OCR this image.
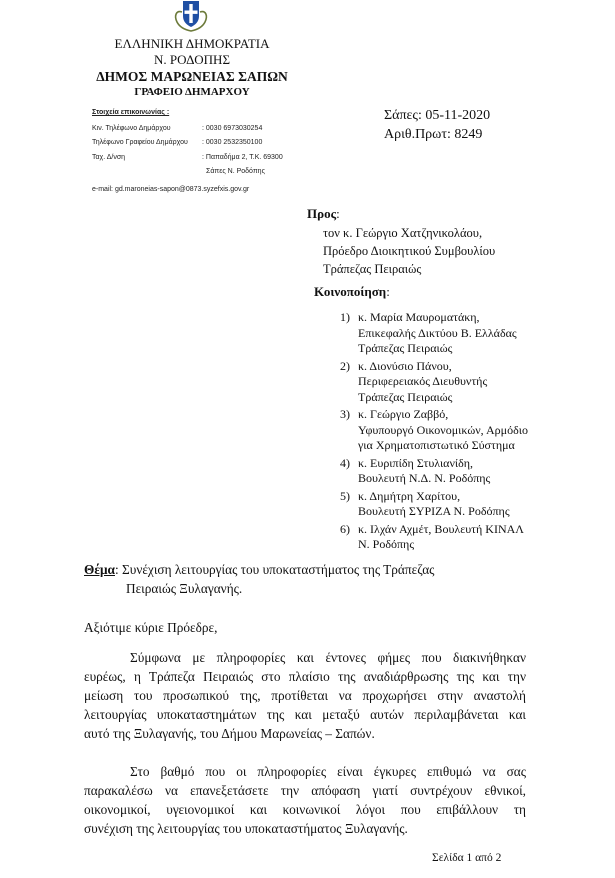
ΕΛΛΗΝΙΚΗ ΔΗΜΟΚΡΑΤΙΑ
Ν. ΡΟΔΟΠΗΣ
ΔΗΜΟΣ ΜΑΡΩΝΕΙΑΣ ΣΑΠΩΝ
ΓΡΑΦΕΙΟ ΔΗΜΑΡΧΟΥ
Στοιχεία επικοινωνίας :
Κιν. Τηλέφωνο Δημάρχου	: 0030 6973030254
Τηλέφωνο Γραφείου Δημάρχου : 0030 2532350100
Ταχ. Δ/νση	: Παπαδήμα 2, Τ.Κ. 69300
Σάπες Ν. Ροδόπης
e-mail: gd.maroneias-sapon@0873.syzefxis.gov.gr
Σάπες: 05-11-2020
Αριθ.Πρωτ: 8249
Προς:
τον κ. Γεώργιο Χατζηνικολάου,
Πρόεδρο Διοικητικού Συμβουλίου
Τράπεζας Πειραιώς
Κοινοποίηση:
1) κ. Μαρία Μαυροματάκη,
Επικεφαλής Δικτύου Β. Ελλάδας
Τράπεζας Πειραιώς
2) κ. Διονύσιο Πάνου,
Περιφερειακός Διευθυντής
Τράπεζας Πειραιώς
3) κ. Γεώργιο Ζαββό,
Υφυπουργό Οικονομικών, Αρμόδιο
για Χρηματοπιστωτικό Σύστημα
4) κ. Ευριπίδη Στυλιανίδη,
Βουλευτή Ν.Δ. Ν. Ροδόπης
5) κ. Δημήτρη Χαρίτου,
Βουλευτή ΣΥΡΙΖΑ Ν. Ροδόπης
6) κ. Ιλχάν Αχμέτ, Βουλευτή ΚΙΝΑΛ
Ν. Ροδόπης
Θέμα: Συνέχιση λειτουργίας του υποκαταστήματος της Τράπεζας
Πειραιώς Ξυλαγανής.
Αξιότιμε κύριε Πρόεδρε,
Σύμφωνα με πληροφορίες και έντονες φήμες που διακινήθηκαν
ευρέως, η Τράπεζα Πειραιώς στο πλαίσιο της αναδιάρθρωσης της και την
μείωση του προσωπικού της, προτίθεται να προχωρήσει στην αναστολή
λειτουργίας υποκαταστημάτων της και μεταξύ αυτών περιλαμβάνεται και
αυτό της Ξυλαγανής, του Δήμου Μαρωνείας – Σαπών.
Στο βαθμό που οι πληροφορίες είναι έγκυρες επιθυμώ να σας
παρακαλέσω να επανεξετάσετε την απόφαση γιατί συντρέχουν εθνικοί,
οικονομικοί, υγειονομικοί και κοινωνικοί λόγοι που επιβάλλουν τη
συνέχιση της λειτουργίας του υποκαταστήματος Ξυλαγανής.
Σελίδα 1 από 2
